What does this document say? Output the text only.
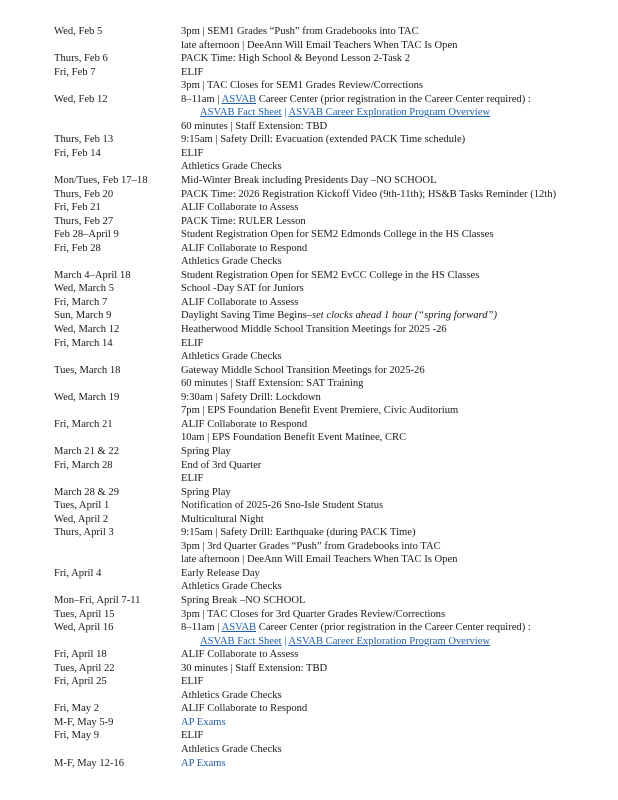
Wed, Feb 5	3pm | SEM1 Grades “Push” from Gradebooks into TAC
late afternoon | DeeAnn Will Email Teachers When TAC Is Open
Thurs, Feb 6	PACK Time: High School & Beyond Lesson 2-Task 2
Fri, Feb 7	ELIF
3pm | TAC Closes for SEM1 Grades Review/Corrections
Wed, Feb 12	8–11am | ASVAB Career Center (prior registration in the Career Center required) :
ASVAB Fact Sheet | ASVAB Career Exploration Program Overview
60 minutes | Staff Extension: TBD
Thurs, Feb 13	9:15am | Safety Drill: Evacuation (extended PACK Time schedule)
Fri, Feb 14	ELIF
Athletics Grade Checks
Mon/Tues, Feb 17–18	Mid-Winter Break including Presidents Day –NO SCHOOL
Thurs, Feb 20	PACK Time: 2026 Registration Kickoff Video (9th-11th); HS&B Tasks Reminder (12th)
Fri, Feb 21	ALIF Collaborate to Assess
Thurs, Feb 27	PACK Time: RULER Lesson
Feb 28–April 9	Student Registration Open for SEM2 Edmonds College in the HS Classes
Fri, Feb 28	ALIF Collaborate to Respond
Athletics Grade Checks
March 4–April 18	Student Registration Open for SEM2 EvCC College in the HS Classes
Wed, March 5	School -Day SAT for Juniors
Fri, March 7	ALIF Collaborate to Assess
Sun, March 9	Daylight Saving Time Begins–set clocks ahead 1 hour (“spring forward”)
Wed, March 12	Heatherwood Middle School Transition Meetings for 2025 -26
Fri, March 14	ELIF
Athletics Grade Checks
Tues, March 18	Gateway Middle School Transition Meetings for 2025-26
60 minutes | Staff Extension: SAT Training
Wed, March 19	9:30am | Safety Drill: Lockdown
7pm | EPS Foundation Benefit Event Premiere, Civic Auditorium
Fri, March 21	ALIF Collaborate to Respond
10am | EPS Foundation Benefit Event Matinee, CRC
March 21 & 22	Spring Play
Fri, March 28	End of 3rd Quarter
ELIF
March 28 & 29	Spring Play
Tues, April 1	Notification of 2025-26 Sno-Isle Student Status
Wed, April 2	Multicultural Night
Thurs, April 3	9:15am | Safety Drill: Earthquake (during PACK Time)
3pm | 3rd Quarter Grades “Push” from Gradebooks into TAC
late afternoon | DeeAnn Will Email Teachers When TAC Is Open
Fri, April 4	Early Release Day
Athletics Grade Checks
Mon–Fri, April 7-11	Spring Break –NO SCHOOL
Tues, April 15	3pm | TAC Closes for 3rd Quarter Grades Review/Corrections
Wed, April 16	8–11am | ASVAB Career Center (prior registration in the Career Center required) :
ASVAB Fact Sheet | ASVAB Career Exploration Program Overview
Fri, April 18	ALIF Collaborate to Assess
Tues, April 22	30 minutes | Staff Extension: TBD
Fri, April 25	ELIF
Athletics Grade Checks
Fri, May 2	ALIF Collaborate to Respond
M-F, May 5-9	AP Exams
Fri, May 9	ELIF
Athletics Grade Checks
M-F, May 12-16	AP Exams
